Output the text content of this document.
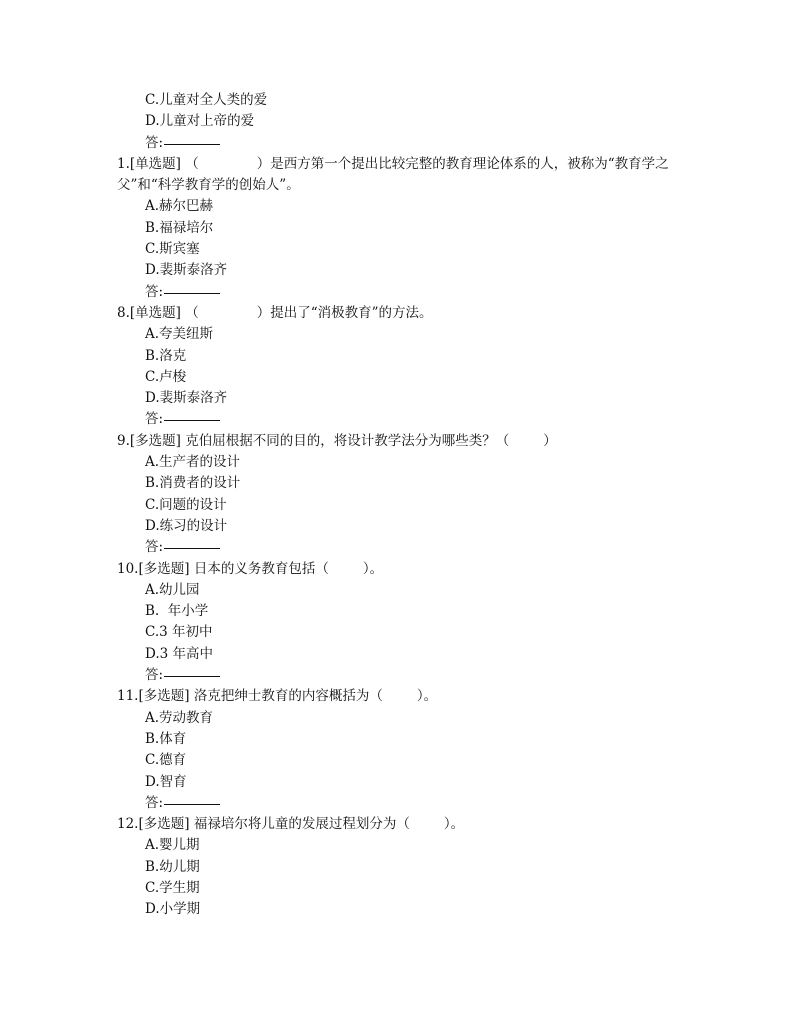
C.儿童对全人类的爱
D.儿童对上帝的爱
答:
1.[单选题] （	）是西方第一个提出比较完整的教育理论体系的人，被称为“教育学之父”和“科学教育学的创始人”。
A.赫尔巴赫
B.福禄培尔
C.斯宾塞
D.裴斯泰洛齐
答:
8.[单选题] （	）提出了“消极教育”的方法。
A.夸美纽斯
B.洛克
C.卢梭
D.裴斯泰洛齐
答:
9.[多选题] 克伯屈根据不同的目的，将设计教学法分为哪些类？（	）
A.生产者的设计
B.消费者的设计
C.问题的设计
D.练习的设计
答:
10.[多选题] 日本的义务教育包括（	）。
A.幼儿园
B.  年小学
C.3 年初中
D.3 年高中
答:
11.[多选题] 洛克把绅士教育的内容概括为（	）。
A.劳动教育
B.体育
C.德育
D.智育
答:
12.[多选题] 福禄培尔将儿童的发展过程划分为（	）。
A.婴儿期
B.幼儿期
C.学生期
D.小学期
